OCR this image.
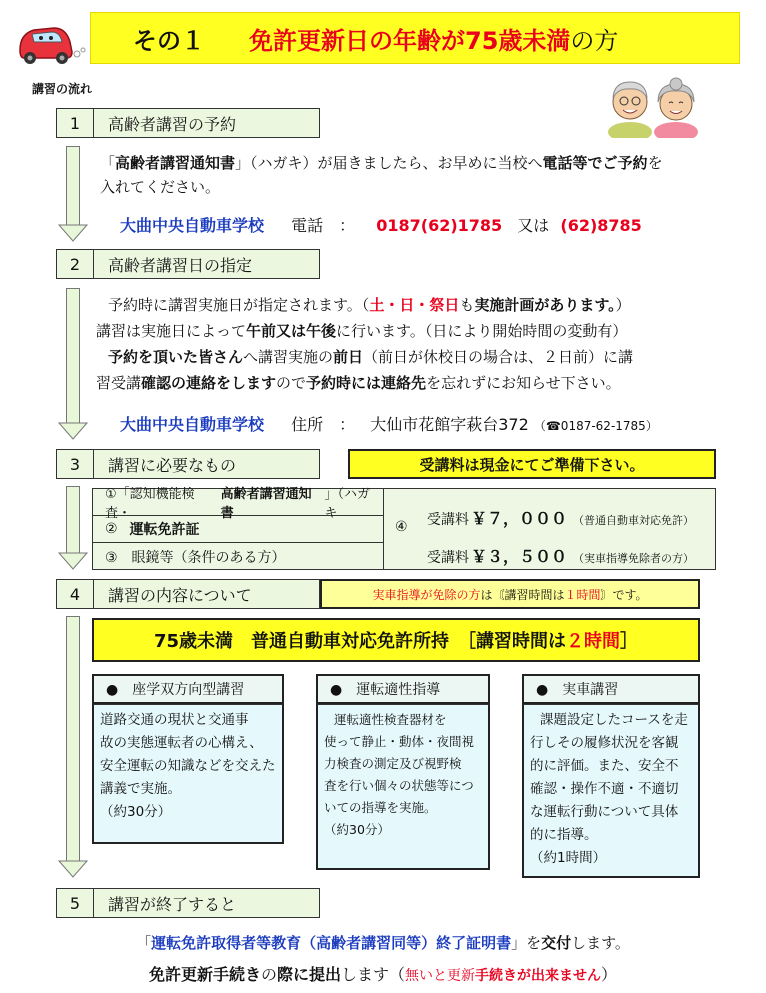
その１ 免許更新日の年齢が75歳未満 の方
講習の流れ
1	高齢者講習の予約
「高齢者講習通知書」（ハガキ）が届きましたら、お早めに当校へ電話等でご予約を
入れてください。
大曲中央自動車学校 電話　： 0187(62)1785 又は (62)8785
2	高齢者講習日の指定
予約時に講習実施日が指定されます。（土・日・祭日も実施計画があります。）
講習は実施日によって午前又は午後に行います。（日により開始時間の変動有）
予約を頂いた皆さんへ講習実施の前日（前日が休校日の場合は、２日前）に講
習受講確認の連絡をしますので予約時には連絡先を忘れずにお知らせ下さい。
大曲中央自動車学校 住所　： 大仙市花館字萩台372 （☎0187-62-1785）
3	講習に必要なもの	受講料は現金にてご準備下さい。
①「認知機能検査・
高齢者講習通知書
」（ハガキ
② 運転免許証
③　眼鏡等（条件のある方）
④ 受講料 ￥７，０００ （普通自動車対応免許）
受講料 ￥３，５００ （実車指導免除者の方）
4	講習の内容について	実車指導が免除の方 は〘講習時間は １時間 〙です。
75歳未満　普通自動車対応免許所持　［講習時間は ２時間 ］
●　座学双方向型講習
道路交通の現状と交通事
故の実態運転者の心構え、
安全運転の知識などを交えた
講義で実施。
（約30分）
●　運転適性指導
運転適性検査器材を
使って静止・動体・夜間視
力検査の測定及び視野検
査を行い個々の状態等につ
いての指導を実施。
（約30分）
●　実車講習
課題設定したコースを走
行しその履修状況を客観
的に評価。また、安全不
確認・操作不適・不適切
な運転行動について具体
的に指導。
（約1時間）
5	講習が終了すると
「運転免許取得者等教育（高齢者講習同等）終了証明書」を交付します。
免許更新手続きの際に提出します（無いと更新手続きが出来ません）
